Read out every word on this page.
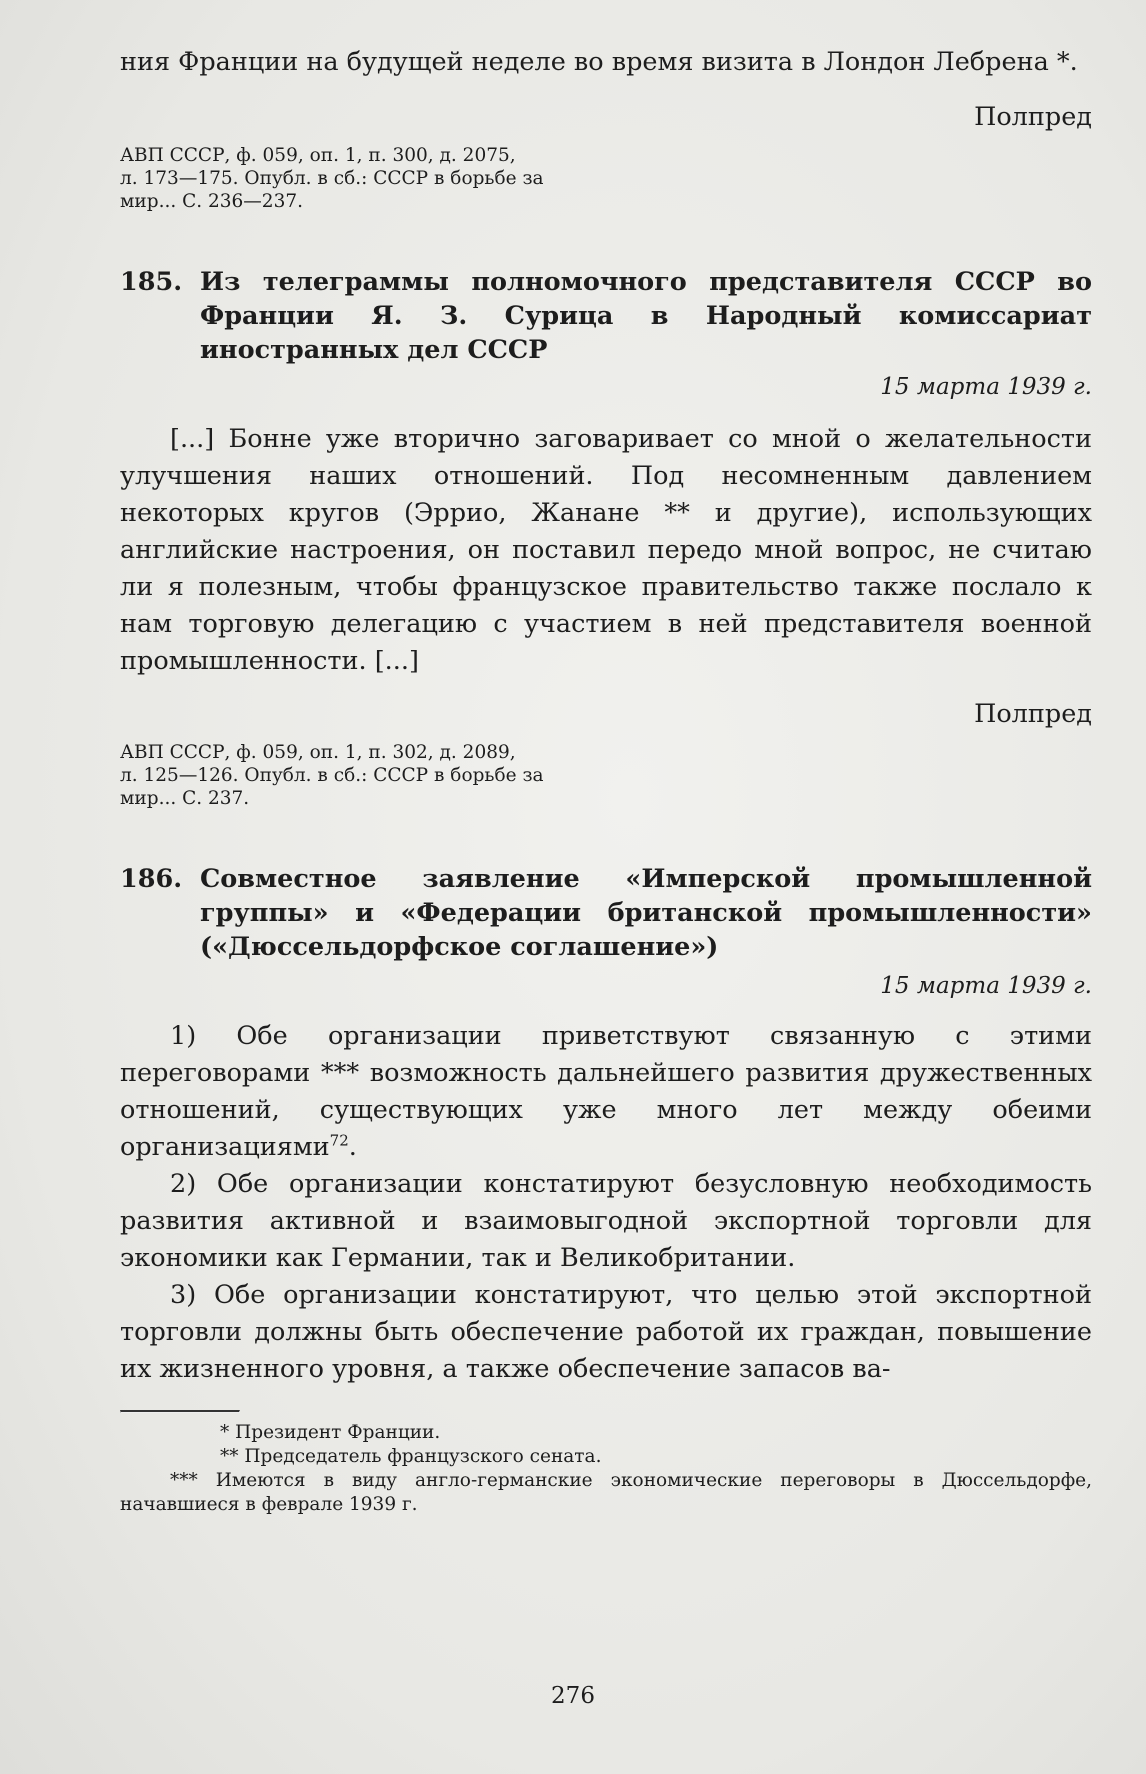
ния Франции на будущей неделе во время визита в Лондон Лебрена *.

Полпред

АВП СССР, ф. 059, оп. 1, п. 300, д. 2075,
л. 173—175. Опубл. в сб.: СССР в борьбе за
мир... С. 236—237.

185. Из телеграммы полномочного представителя СССР во Франции Я. З. Сурица в Народный комиссариат иностранных дел СССР

15 марта 1939 г.

[...] Бонне уже вторично заговаривает со мной о желательности улучшения наших отношений. Под несомненным давлением некоторых кругов (Эррио, Жанане ** и другие), использующих английские настроения, он поставил передо мной вопрос, не считаю ли я полезным, чтобы французское правительство также послало к нам торговую делегацию с участием в ней представителя военной промышленности. [...]

Полпред

АВП СССР, ф. 059, оп. 1, п. 302, д. 2089,
л. 125—126. Опубл. в сб.: СССР в борьбе за
мир... С. 237.

186. Совместное заявление «Имперской промышленной группы» и «Федерации британской промышленности» («Дюссельдорфское соглашение»)

15 марта 1939 г.

1) Обе организации приветствуют связанную с этими переговорами *** возможность дальнейшего развития дружественных отношений, существующих уже много лет между обеими организациями$^{72}$.

2) Обе организации констатируют безусловную необходимость развития активной и взаимовыгодной экспортной торговли для экономики как Германии, так и Великобритании.

3) Обе организации констатируют, что целью этой экспортной торговли должны быть обеспечение работой их граждан, повышение их жизненного уровня, а также обеспечение запасов ва-

* Президент Франции.

** Председатель французского сената.

*** Имеются в виду англо-германские экономические переговоры в Дюссельдорфе, начавшиеся в феврале 1939 г.

276
